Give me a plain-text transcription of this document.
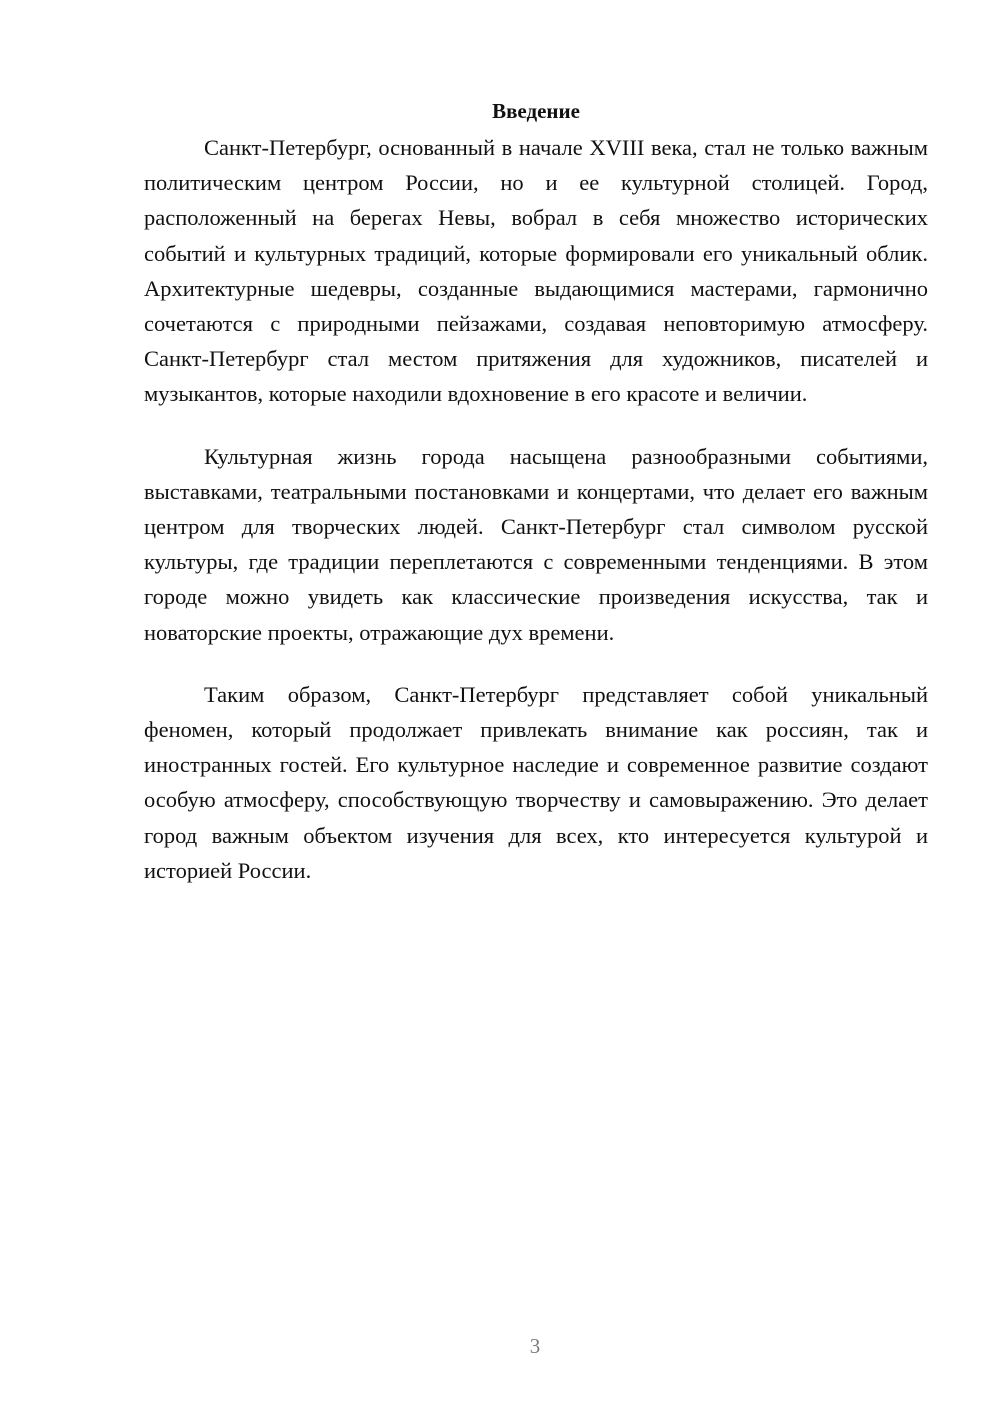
Введение

Санкт-Петербург, основанный в начале XVIII века, стал не только важным политическим центром России, но и ее культурной столицей. Город, расположенный на берегах Невы, вобрал в себя множество исторических событий и культурных традиций, которые формировали его уникальный облик. Архитектурные шедевры, созданные выдающимися мастерами, гармонично сочетаются с природными пейзажами, создавая неповторимую атмосферу. Санкт-Петербург стал местом притяжения для художников, писателей и музыкантов, которые находили вдохновение в его красоте и величии.

Культурная жизнь города насыщена разнообразными событиями, выставками, театральными постановками и концертами, что делает его важным центром для творческих людей. Санкт-Петербург стал символом русской культуры, где традиции переплетаются с современными тенденциями. В этом городе можно увидеть как классические произведения искусства, так и новаторские проекты, отражающие дух времени.

Таким образом, Санкт-Петербург представляет собой уникальный феномен, который продолжает привлекать внимание как россиян, так и иностранных гостей. Его культурное наследие и современное развитие создают особую атмосферу, способствующую творчеству и самовыражению. Это делает город важным объектом изучения для всех, кто интересуется культурой и историей России.

3
